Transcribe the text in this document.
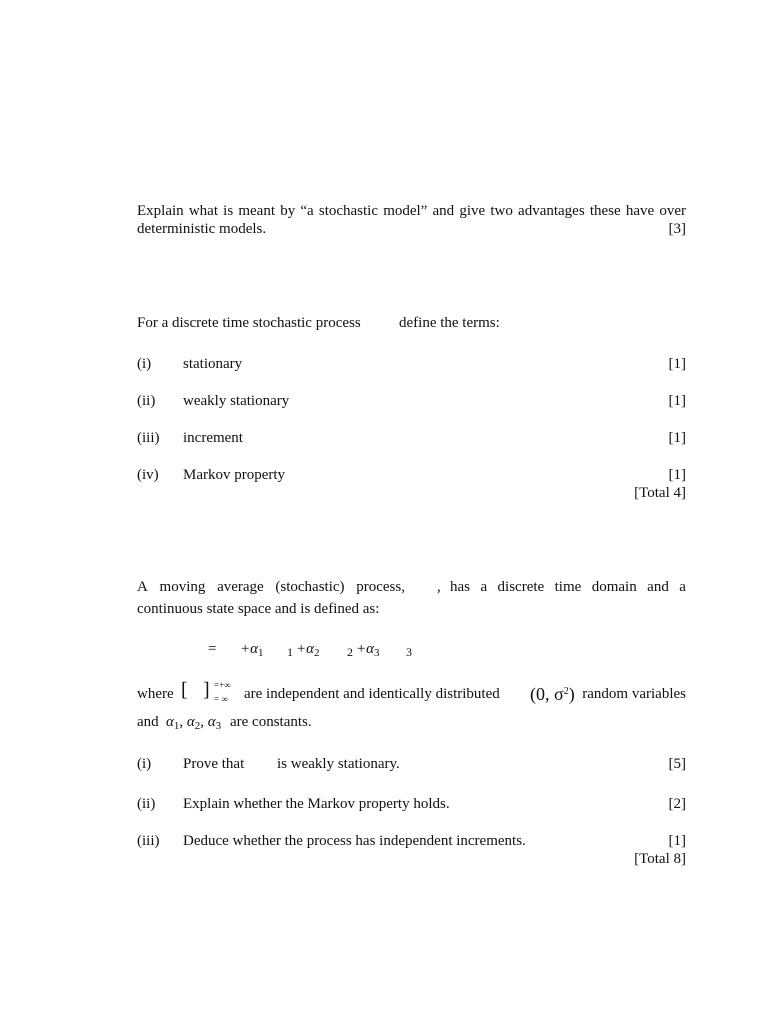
Explain what is meant by “a stochastic model” and give two advantages these have over
deterministic models.	[3]
For a discrete time stochastic process	define the terms:
(i) stationary	[1]
(ii) weakly stationary	[1]
(iii) increment	[1]
(iv) Markov property	[1]
[Total 4]
A moving average (stochastic) process, , has a discrete time domain and a
continuous state space and is defined as:
= $+\alpha_1$ $1 +\alpha_2$ $2 +\alpha_3$ 3
where [ ] =+∞
= ∞ are independent and identically distributed (0, $\sigma^2$) random variables
and $\alpha_1$, $\alpha_2$, $\alpha_3$ are constants.
(i) Prove that is weakly stationary.	[5]
(ii) Explain whether the Markov property holds.	[2]
(iii) Deduce whether the process has independent increments.	[1]
[Total 8]
